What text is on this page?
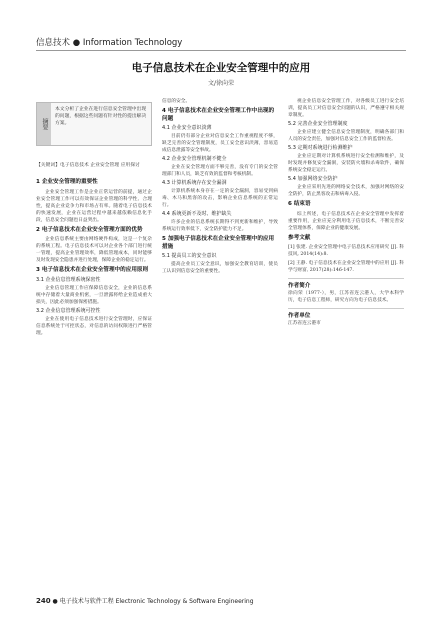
信息技术 ● Information Technology
电子信息技术在企业安全管理中的应用
文/徐向荣
摘要
本文分析了企业在进行信息安全管理中出现的问题，根据这些问题有针对性的提出解决方案。
【关键词】电子信息技术 企业安全管理 应用探讨
1 企业安全管理的重要性

企业安全管理工作是企业正常运营的前提，通过企业安全管理工作可以有效保证企业管理的科学性、合理性，提高企业竞争力和市场占有率。随着电子信息技术的快速发展，企业在运营过程中越来越依赖信息化手段，信息安全问题也日益突出。

2 电子信息技术在企业安全管理方面的优势

企业信息系统主要由网络硬件构成，这是一个复杂的系统工程。电子信息技术可以对企业各个部门进行统一管理，提高企业管理效率，降低管理成本，同时能够及时发现安全隐患并进行处理，保障企业的稳定运行。

3 电子信息技术在企业安全管理中的应用原则
3.1 企业信息管理系统保密性

企业信息管理工作应保障信息安全，企业的信息系统中存储着大量商业机密，一旦泄露将给企业造成重大损失，因此必须加强保密措施。

3.2 企业信息管理系统可控性

企业在使用电子信息技术进行安全管理时，应保证信息系统处于可控状态，对信息的访问权限进行严格管理。

信息的安全。

4 电子信息技术在企业安全管理工作中出现的问题
4.1 企业安全意识淡薄

目前仍有部分企业对信息安全工作重视程度不够，缺乏完善的安全管理制度，员工安全意识淡薄，容易造成信息泄露等安全事故。

4.2 企业安全管理机制不健全

企业在安全管理方面不够完善，没有专门的安全管理部门和人员，缺乏有效的监督和考核机制。

4.3 计算机系统存在安全漏洞

计算机系统本身存在一定的安全漏洞，容易受到病毒、木马和黑客的攻击，影响企业信息系统的正常运行。

4.4 系统更新不及时、维护缺失

许多企业的信息系统长期得不到更新和维护，导致系统运行效率低下，安全防护能力不足。

5 加强电子信息技术在企业安全管理中的应用措施
5.1 提高员工的安全意识

提高企业员工安全意识，加强安全教育培训，使员工认识到信息安全的重要性。

视企业信息安全管理工作，对各级员工进行安全培训，提高员工对信息安全问题的认识，严格遵守相关规章制度。

5.2 完善企业安全管理制度

企业应建立健全信息安全管理制度，明确各部门和人员的安全责任，加强对信息安全工作的监督检查。

5.3 定期对系统进行检测维护

企业应定期对计算机系统进行安全检测和维护，及时发现并修复安全漏洞，安装防火墙和杀毒软件，确保系统安全稳定运行。

5.4 加强网络安全防护

企业应采用先进的网络安全技术，加强对网络的安全防护，防止黑客攻击和病毒入侵。

6 结束语

综上所述，电子信息技术在企业安全管理中发挥着重要作用，企业应充分利用电子信息技术，不断完善安全管理体系，保障企业的健康发展。

参考文献

[1] 张建. 企业安全管理中电子信息技术应用研究 [J]. 科技风, 2014(14):8.

[2] 王静. 电子信息技术在企业安全管理中的应用 [J]. 科学与财富, 2017(28):146-147.

作者简介

徐向荣（1977-），男，江苏省连云港人，大学本科学历，电子信息工程师，研究方向为电子信息技术。

作者单位

江苏省连云港市

240 ● 电子技术与软件工程 Electronic Technology & Software Engineering
